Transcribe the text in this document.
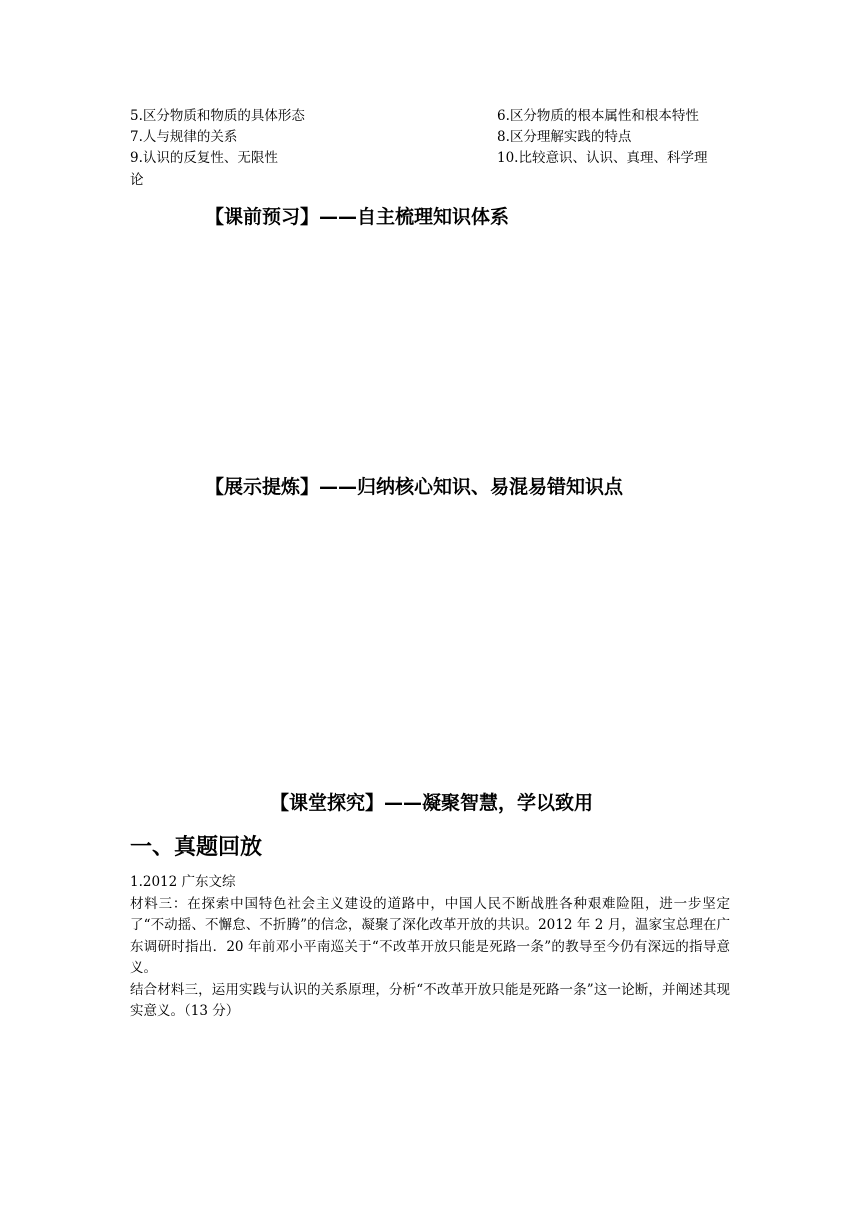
5.区分物质和物质的具体形态	6.区分物质的根本属性和根本特性
7.人与规律的关系	8.区分理解实践的特点
9.认识的反复性、无限性	10.比较意识、认识、真理、科学理
论
【课前预习】——自主梳理知识体系
【展示提炼】——归纳核心知识、易混易错知识点
【课堂探究】——凝聚智慧，学以致用
一、真题回放

1.2012 广东文综

材料三：在探索中国特色社会主义建设的道路中，中国人民不断战胜各种艰难险阻，进一步坚定了“不动摇、不懈怠、不折腾”的信念，凝聚了深化改革开放的共识。2012 年 2 月，温家宝总理在广东调研时指出．20 年前邓小平南巡关于“不改革开放只能是死路一条”的教导至今仍有深远的指导意义。

结合材料三，运用实践与认识的关系原理，分析“不改革开放只能是死路一条”这一论断，并阐述其现实意义。（13 分）
